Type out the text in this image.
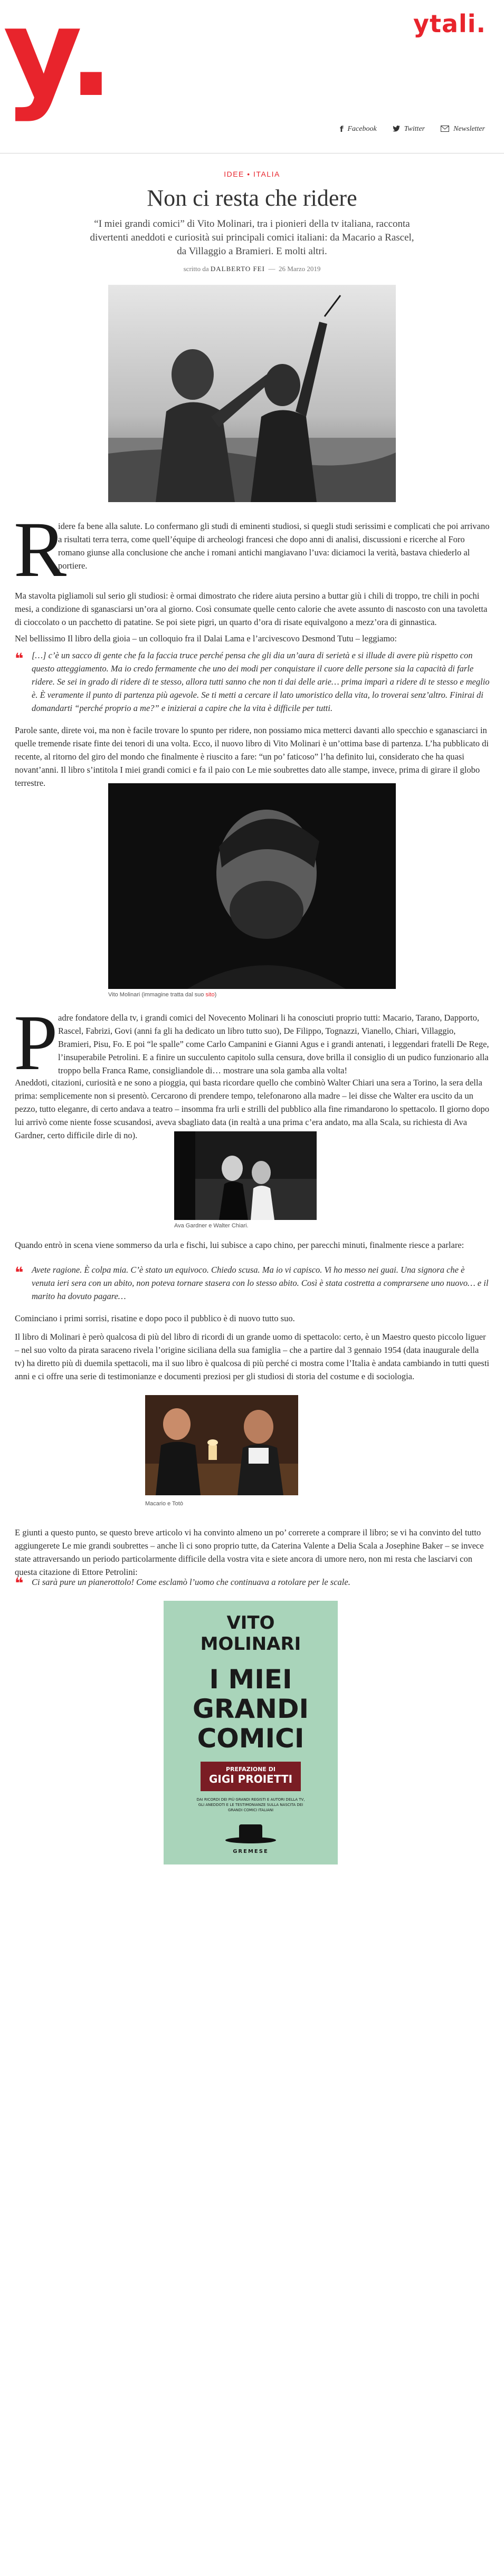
y.	ytali.
f Facebook	Twitter	Newsletter
IDEE • ITALIA
Non ci resta che ridere

“I miei grandi comici” di Vito Molinari, tra i pionieri della tv italiana, racconta divertenti aneddoti e curiosità sui principali comici italiani: da Macario a Rascel, da Villaggio a Bramieri. E molti altri.

scritto da DALBERTO FEI  —  26 Marzo 2019
R

idere fa bene alla salute. Lo confermano gli studi di eminenti studiosi, si quegli studi serissimi e complicati che poi arrivano a risultati terra terra, come quell’équipe di archeologi francesi che dopo anni di analisi, discussioni e ricerche al Foro romano giunse alla conclusione che anche i romani antichi mangiavano l’uva: diciamoci la verità, bastava chiederlo al portiere.

Ma stavolta pigliamoli sul serio gli studiosi: è ormai dimostrato che ridere aiuta persino a buttar giù i chili di troppo, tre chili in pochi mesi, a condizione di sganasciarsi un’ora al giorno. Così consumate quelle cento calorie che avete assunto di nascosto con una tavoletta di cioccolato o un pacchetto di patatine. Se poi siete pigri, un quarto d’ora di risate equivalgono a mezz’ora di ginnastica.

Nel bellissimo Il libro della gioia – un colloquio fra il Dalai Lama e l’arcivescovo Desmond Tutu – leggiamo:

❝ […] c’è un sacco di gente che fa la faccia truce perché pensa che gli dia un’aura di serietà e si illude di avere più rispetto con questo atteggiamento. Ma io credo fermamente che uno dei modi per conquistare il cuore delle persone sia la capacità di farle ridere. Se sei in grado di ridere di te stesso, allora tutti sanno che non ti dai delle arie… prima imparì a ridere di te stesso e meglio è. È veramente il punto di partenza più agevole. Se ti metti a cercare il lato umoristico della vita, lo troverai senz’altro. Finirai di domandarti “perché proprio a me?” e inizierai a capire che la vita è difficile per tutti.

Parole sante, direte voi, ma non è facile trovare lo spunto per ridere, non possiamo mica metterci davanti allo specchio e sganasciarci in quelle tremende risate finte dei tenori di una volta. Ecco, il nuovo libro di Vito Molinari è un’ottima base di partenza. L’ha pubblicato di recente, al ritorno del giro del mondo che finalmente è riuscito a fare: “un po’ faticoso” l’ha definito lui, considerato che ha quasi novant’anni. Il libro s’intitola I miei grandi comici e fa il paio con Le mie soubrettes dato alle stampe, invece, prima di girare il globo terrestre.

Vito Molinari (immagine tratta dal suo sito)
P adre fondatore della tv, i grandi comici del Novecento Molinari li ha conosciuti proprio tutti: Macario, Tarano, Dapporto, Rascel, Fabrizi, Govi (anni fa gli ha dedicato un libro tutto suo), De Filippo, Tognazzi, Vianello, Chiari, Villaggio, Bramieri, Pisu, Fo. E poi “le spalle” come Carlo Campanini e Gianni Agus e i grandi antenati, i leggendari fratelli De Rege, l’insuperabile Petrolini. E a finire un succulento capitolo sulla censura, dove brilla il consiglio di un pudico funzionario alla troppo bella Franca Rame, consigliandole di… mostrare una sola gamba alla volta!

Aneddoti, citazioni, curiosità e ne sono a pioggia, qui basta ricordare quello che combinò Walter Chiari una sera a Torino, la sera della prima: semplicemente non si presentò. Cercarono di prendere tempo, telefonarono alla madre – lei disse che Walter era uscito da un pezzo, tutto eleganre, di certo andava a teatro – insomma fra urli e strilli del pubblico alla fine rimandarono lo spettacolo. Il giorno dopo lui arrivò come niente fosse scusandosi, aveva sbagliato data (in realtà a una prima c’era andato, ma alla Scala, su richiesta di Ava Gardner, certo difficile dirle di no).

Ava Gardner e Walter Chiari.

Quando entrò in scena viene sommerso da urla e fischi, lui subisce a capo chino, per parecchi minuti, finalmente riesce a parlare:

❝ Avete ragione. È colpa mia. C’è stato un equivoco. Chiedo scusa. Ma io vi capisco. Vi ho messo nei guai. Una signora che è venuta ieri sera con un abito, non poteva tornare stasera con lo stesso abito. Così è stata costretta a comprarsene uno nuovo… e il marito ha dovuto pagare…

Cominciano i primi sorrisi, risatine e dopo poco il pubblico è di nuovo tutto suo.

Il libro di Molinari è però qualcosa di più del libro di ricordi di un grande uomo di spettacolo: certo, è un Maestro questo piccolo liguer – nel suo volto da pirata saraceno rivela l’origine siciliana della sua famiglia – che a partire dal 3 gennaio 1954 (data inaugurale della tv) ha diretto più di duemila spettacoli, ma il suo libro è qualcosa di più perché ci mostra come l’Italia è andata cambiando in tutti questi anni e ci offre una serie di testimonianze e documenti preziosi per gli studiosi di storia del costume e di sociologia.

Macario e Totò

E giunti a questo punto, se questo breve articolo vi ha convinto almeno un po’ correrete a comprare il libro; se vi ha convinto del tutto aggiungerete Le mie grandi soubrettes – anche lì ci sono proprio tutte, da Caterina Valente a Delia Scala a Josephine Baker – se invece state attraversando un periodo particolarmente difficile della vostra vita e siete ancora di umore nero, non mi resta che lasciarvi con questa citazione di Ettore Petrolini:

❝ Ci sarà pure un pianerottolo! Come esclamò l’uomo che continuava a rotolare per le scale.

VITO
MOLINARI
I MIEI
GRANDI
COMICI
PREFAZIONE DI
GIGI PROIETTI
DAI RICORDI DEI PIÙ GRANDI REGISTI E AUTORI DELLA TV, GLI ANEDDOTI E LE TESTIMONIANZE SULLA NASCITA DEI GRANDI COMICI ITALIANI
GREMESE
